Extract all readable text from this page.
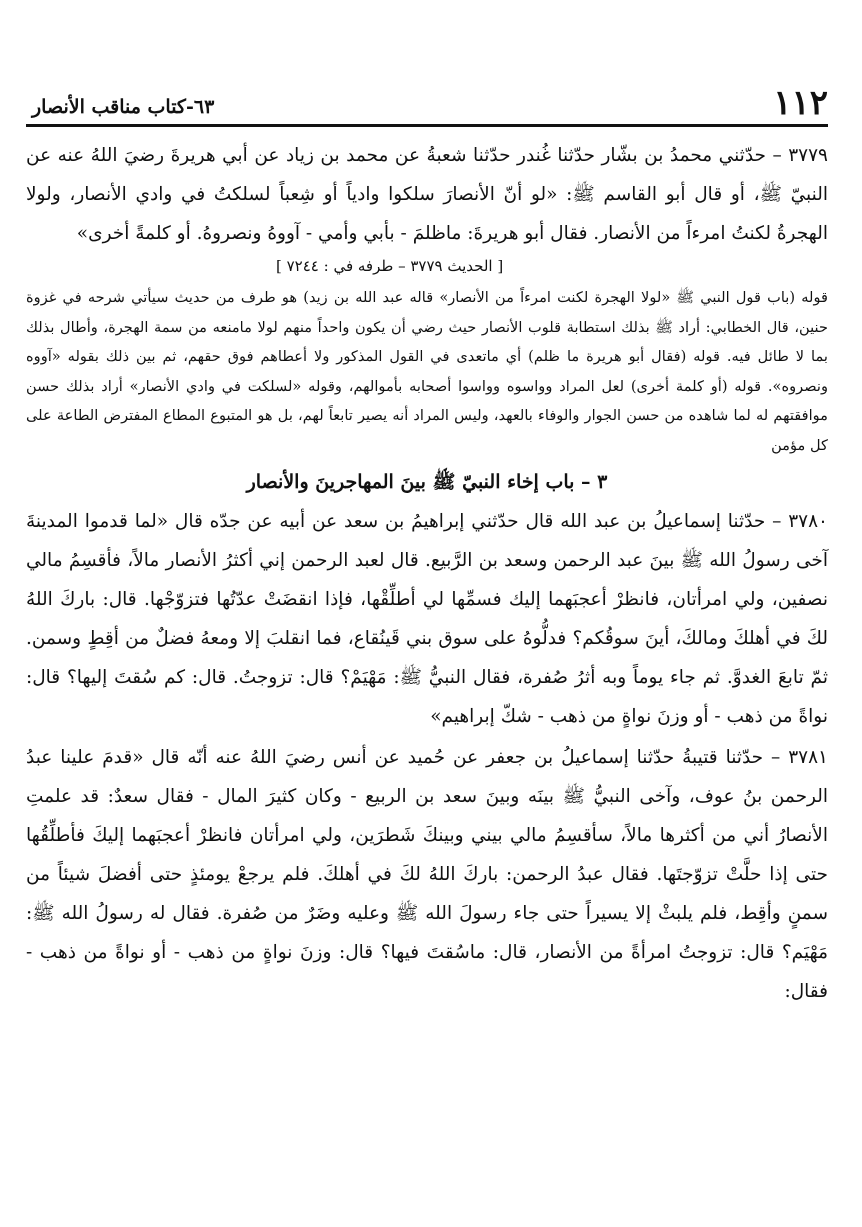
١١٢
٦٣-كتاب مناقب الأنصار

٣٧٧٩ – حدّثني محمدُ بن بشّار حدّثنا غُندر حدّثنا شعبةُ عن محمد بن زياد عن أبي هريرةَ رضيَ اللهُ عنه عن النبيّ ﷺ، أو قال أبو القاسم ﷺ: «لو أنّ الأنصارَ سلكوا وادياً أو شِعباً لسلكتُ في وادي الأنصار، ولولا الهجرةُ لكنتُ امرءاً من الأنصار. فقال أبو هريرةَ: ماظلمَ - بأبي وأمي - آووهُ ونصروهُ. أو كلمةً أخرى»

[ الحديث ٣٧٧٩ – طرفه في : ٧٢٤٤ ]

قوله (باب قول النبي ﷺ «لولا الهجرة لكنت امرءاً من الأنصار» قاله عبد الله بن زيد) هو طرف من حديث سيأتي شرحه في غزوة حنين، قال الخطابي: أراد ﷺ بذلك استطابة قلوب الأنصار حيث رضي أن يكون واحداً منهم لولا مامنعه من سمة الهجرة، وأطال بذلك بما لا طائل فيه. قوله (فقال أبو هريرة ما ظلم) أي ماتعدى في القول المذكور ولا أعطاهم فوق حقهم، ثم بين ذلك بقوله «آووه ونصروه». قوله (أو كلمة أخرى) لعل المراد وواسوه وواسوا أصحابه بأموالهم، وقوله «لسلكت في وادي الأنصار» أراد بذلك حسن موافقتهم له لما شاهده من حسن الجوار والوفاء بالعهد، وليس المراد أنه يصير تابعاً لهم، بل هو المتبوع المطاع المفترض الطاعة على كل مؤمن

٣ – باب إخاء النبيّ ﷺ بينَ المهاجرينَ والأنصار

٣٧٨٠ – حدّثنا إسماعيلُ بن عبد الله قال حدّثني إبراهيمُ بن سعد عن أبيه عن جدّه قال «لما قدموا المدينةَ آخى رسولُ الله ﷺ بينَ عبد الرحمن وسعد بن الرَّبيع. قال لعبد الرحمن إني أكثرُ الأنصار مالاً، فأقسِمُ مالي نصفين، ولي امرأتان، فانظرْ أعجبَهما إليك فسمِّها لي أطلِّقْها، فإذا انقضَتْ عدّتُها فتزوّجْها. قال: باركَ اللهُ لكَ في أهلكَ ومالكَ، أينَ سوقُكم؟ فدلُّوهُ على سوق بني قَينُقاع، فما انقلبَ إلا ومعهُ فضلٌ من أقِطٍ وسمن. ثمّ تابعَ الغدوَّ. ثم جاء يوماً وبه أثرُ صُفرة، فقال النبيُّ ﷺ: مَهْيَمْ؟ قال: تزوجتُ. قال: كم سُقتَ إليها؟ قال: نواةً من ذهب - أو وزنَ نواةٍ من ذهب - شكّ إبراهيم»

٣٧٨١ – حدّثنا قتيبةُ حدّثنا إسماعيلُ بن جعفر عن حُميد عن أنس رضيَ اللهُ عنه أنّه قال «قدمَ علينا عبدُ الرحمن بنُ عوف، وآخى النبيُّ ﷺ بينَه وبينَ سعد بن الربيع - وكان كثيرَ المال - فقال سعدٌ: قد علمتِ الأنصارُ أني من أكثرها مالاً، سأقسِمُ مالي بيني وبينكَ شَطرَين، ولي امرأتان فانظرْ أعجبَهما إليكَ فأطلِّقُها حتى إذا حلَّتْ تزوّجتَها. فقال عبدُ الرحمن: باركَ اللهُ لكَ في أهلكَ. فلم يرجعْ يومئذٍ حتى أفضلَ شيئاً من سمنٍ وأقِط، فلم يلبثْ إلا يسيراً حتى جاء رسولَ الله ﷺ وعليه وضَرٌ من صُفرة. فقال له رسولُ الله ﷺ: مَهْيَم؟ قال: تزوجتُ امرأةً من الأنصار، قال: ماسُقتَ فيها؟ قال: وزنَ نواةٍ من ذهب - أو نواةً من ذهب - فقال:
